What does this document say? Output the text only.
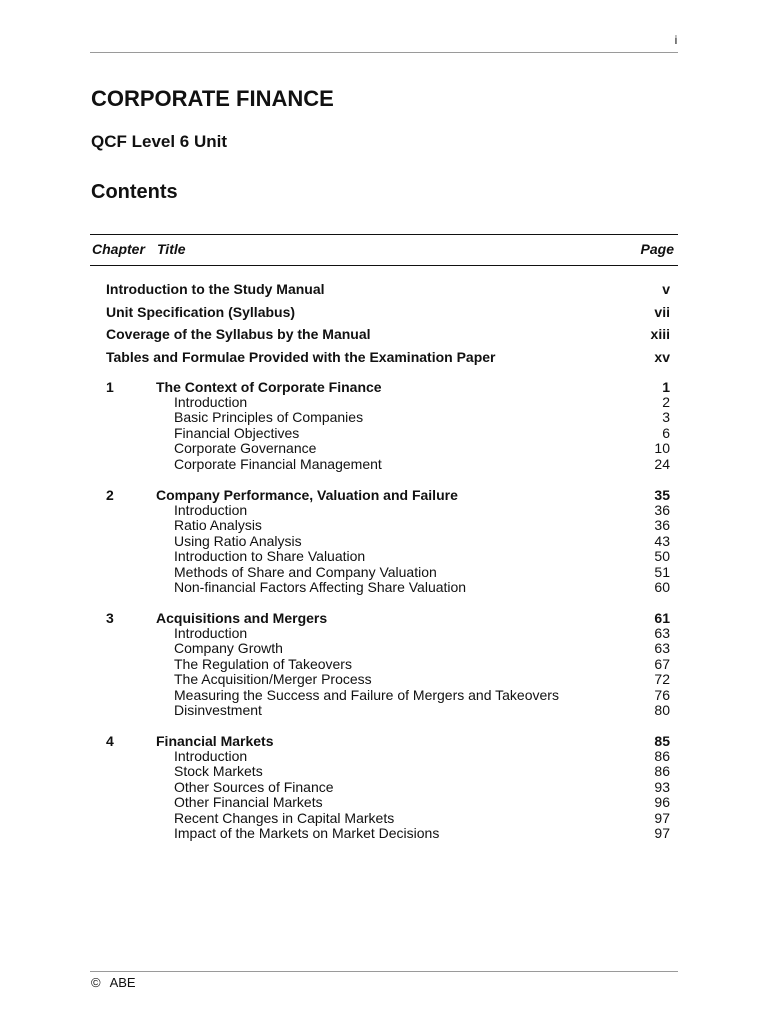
i
CORPORATE FINANCE
QCF Level 6 Unit
Contents
Chapter Title	Page
Introduction to the Study Manual	v
Unit Specification (Syllabus)	vii
Coverage of the Syllabus by the Manual	xiii
Tables and Formulae Provided with the Examination Paper	xv
1	The Context of Corporate Finance	1
Introduction	2
Basic Principles of Companies	3
Financial Objectives	6
Corporate Governance	10
Corporate Financial Management	24
2	Company Performance, Valuation and Failure	35
Introduction	36
Ratio Analysis	36
Using Ratio Analysis	43
Introduction to Share Valuation	50
Methods of Share and Company Valuation	51
Non-financial Factors Affecting Share Valuation	60
3	Acquisitions and Mergers	61
Introduction	63
Company Growth	63
The Regulation of Takeovers	67
The Acquisition/Merger Process	72
Measuring the Success and Failure of Mergers and Takeovers	76
Disinvestment	80
4	Financial Markets	85
Introduction	86
Stock Markets	86
Other Sources of Finance	93
Other Financial Markets	96
Recent Changes in Capital Markets	97
Impact of the Markets on Market Decisions	97
© ABE
